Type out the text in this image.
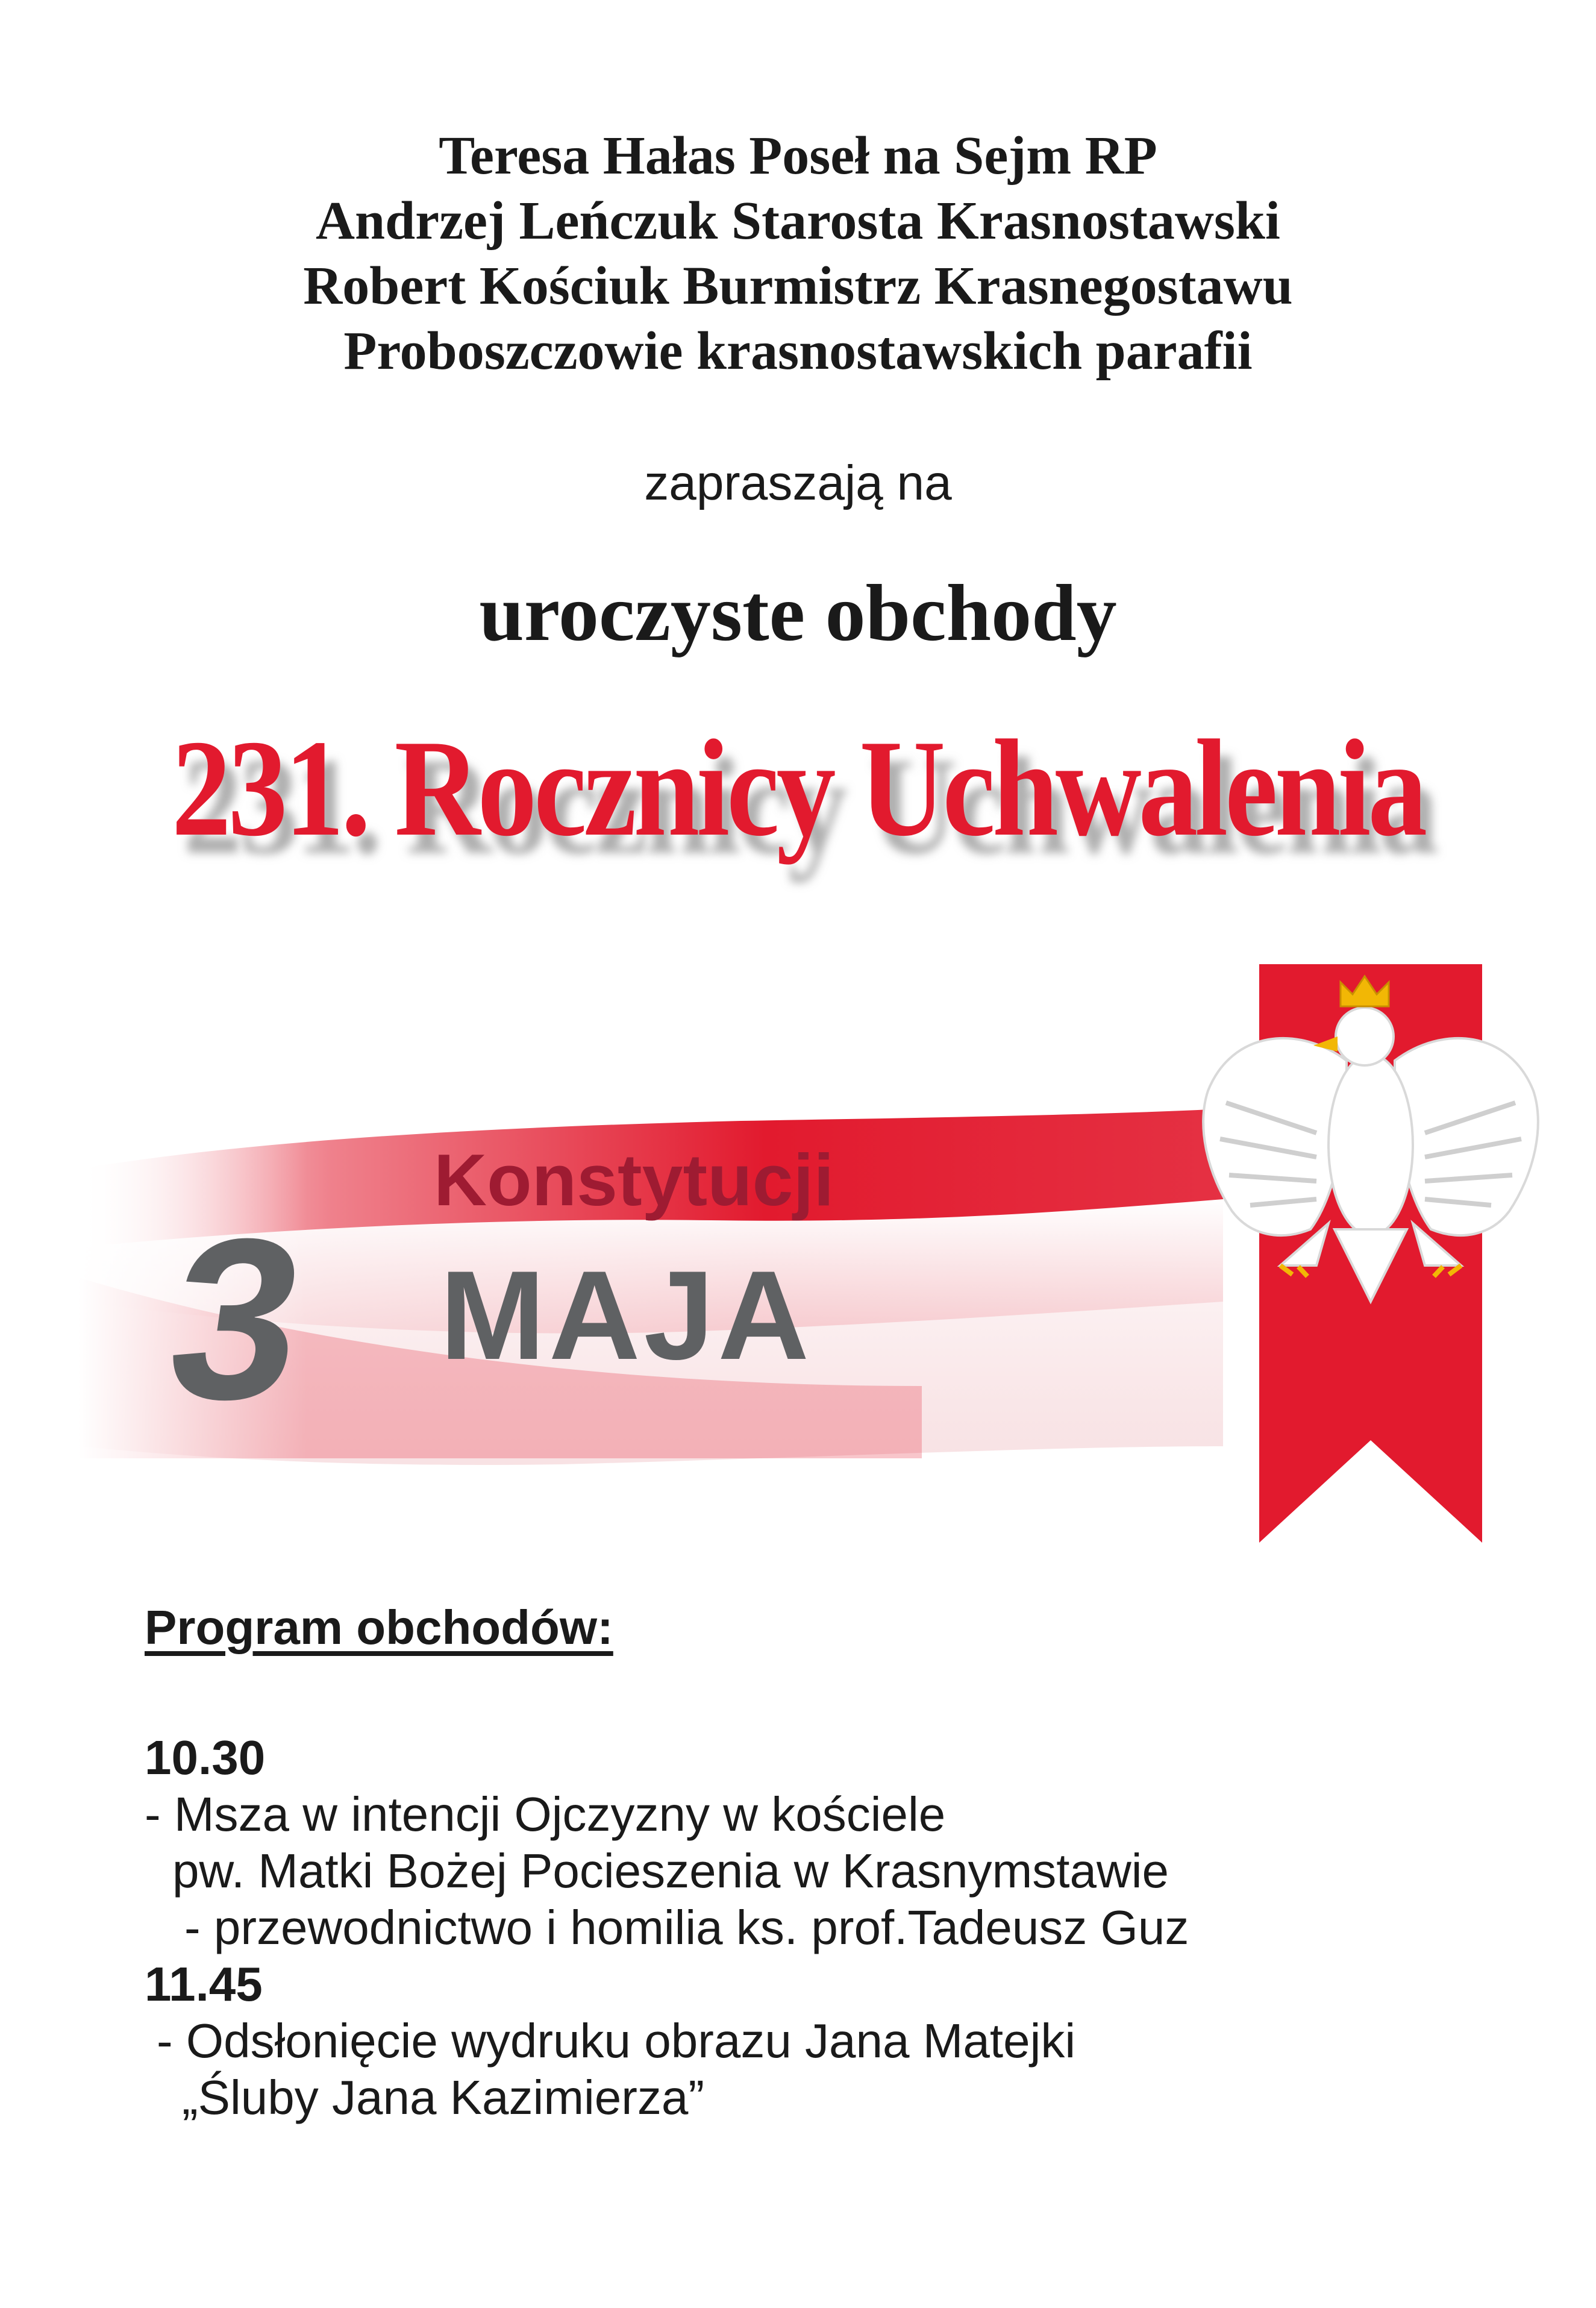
Teresa Hałas Poseł na Sejm RP
Andrzej Leńczuk Starosta Krasnostawski
Robert Kościuk Burmistrz Krasnegostawu
Proboszczowie krasnostawskich parafii
zapraszają na
uroczyste obchody
231. Rocznicy Uchwalenia
3
Konstytucji
MAJA
Program obchodów:
10.30
- Msza w intencji Ojczyzny w kościele
pw. Matki Bożej Pocieszenia w Krasnymstawie
- przewodnictwo i homilia ks. prof.Tadeusz Guz
11.45
- Odsłonięcie wydruku obrazu Jana Matejki
„Śluby Jana Kazimierza”
